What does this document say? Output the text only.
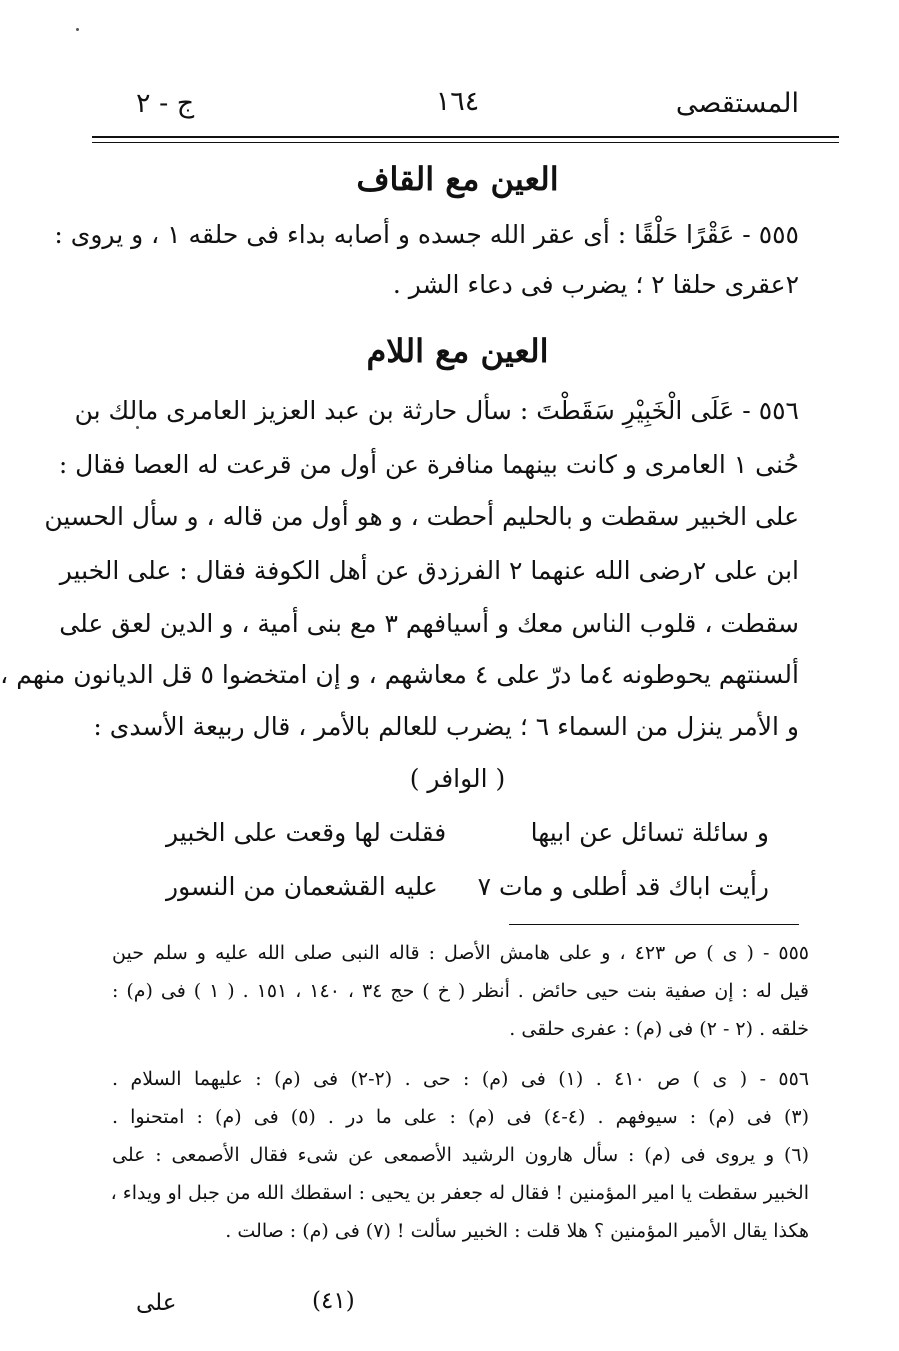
المستقصى
١٦٤
ج - ٢
العين مع القاف
٥٥٥ - عَقْرًا حَلْقًا : أى عقر الله جسده و أصابه بداء فى حلقه ١ ، و يروى :
٢عقرى حلقا ٢ ؛ يضرب فى دعاء الشر .
العين مع اللام
٥٥٦ - عَلَى الْخَبِيْرِ سَقَطْتَ : سأل حارثة بن عبد العزيز العامرى مالك بن
حُنى ١ العامرى و كانت بينهما منافرة عن أول من قرعت له العصا فقال :
على الخبير سقطت و بالحليم أحطت ، و هو أول من قاله ، و سأل الحسين
ابن على ٢رضى الله عنهما ٢ الفرزدق عن أهل الكوفة فقال : على الخبير
سقطت ، قلوب الناس معك و أسيافهم ٣ مع بنى أمية ، و الدين لعق على
ألسنتهم يحوطونه ٤ما درّ على ٤ معاشهم ، و إن امتخضوا ٥ قل الديانون منهم ،
و الأمر ينزل من السماء ٦ ؛ يضرب للعالم بالأمر ، قال ربيعة الأسدى :
( الوافر )
و سائلة تسائل عن ابيها
فقلت لها وقعت على الخبير
رأيت اباك قد أطلى و مات ٧
عليه القشعمان من النسور
٥٥٥ - ( ى ) ص ٤٢٣ ، و على هامش الأصل : قاله النبى صلى الله عليه و سلم حين
قيل له : إن صفية بنت حيى حائض . أنظر ( خ ) حج ٣٤ ، ١٤٠ ، ١٥١ . ( ١ ) فى (م) :
خلقه . (٢ - ٢) فى (م) : عفرى حلقى .
٥٥٦ - ( ى ) ص ٤١٠ . (١) فى (م) : حى . (٢-٢) فى (م) : عليهما السلام .
(٣) فى (م) : سيوفهم . (٤-٤) فى (م) : على ما در . (٥) فى (م) : امتحنوا .
(٦) و يروى فى (م) : سأل هارون الرشيد الأصمعى عن شىء فقال الأصمعى : على
الخبير سقطت يا امير المؤمنين ! فقال له جعفر بن يحيى : اسقطك الله من جبل او ويداء ،
هكذا يقال الأمير المؤمنين ؟ هلا قلت : الخبير سألت ! (٧) فى (م) : صالت .
(٤١)
على
